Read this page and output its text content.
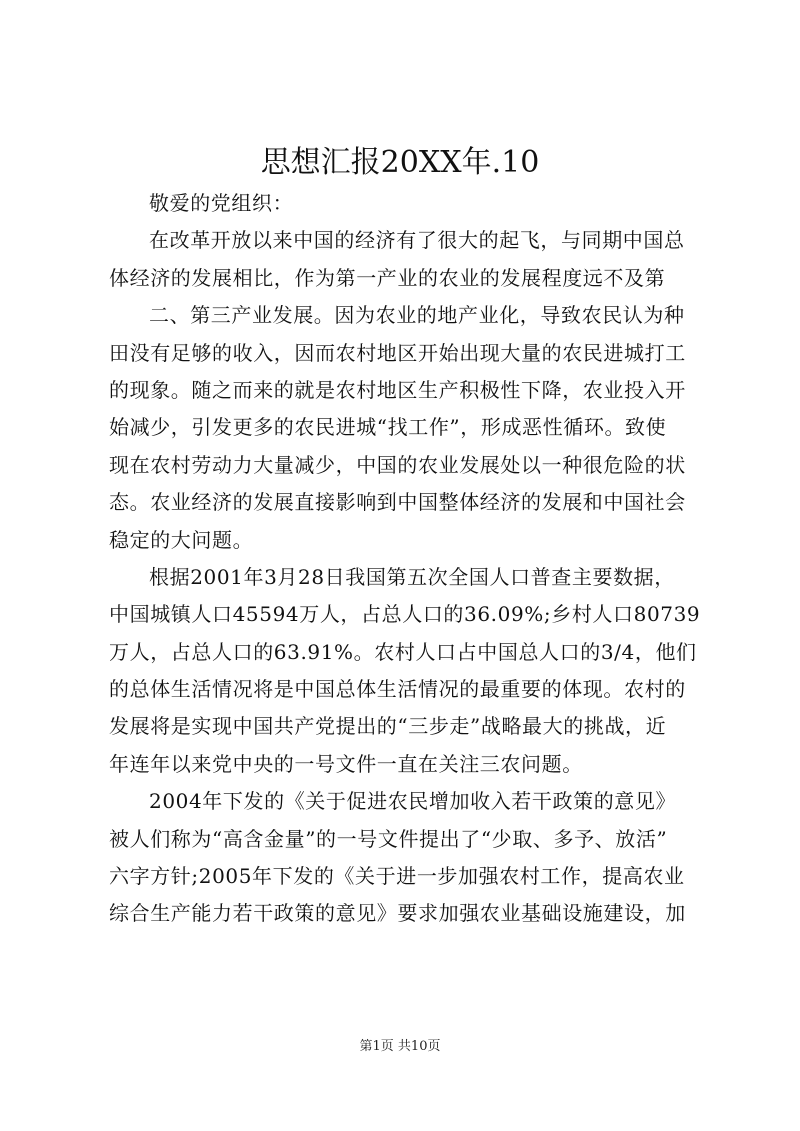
思想汇报20XX年.10
敬爱的党组织：
在改革开放以来中国的经济有了很大的起飞，与同期中国总
体经济的发展相比，作为第一产业的农业的发展程度远不及第
二、第三产业发展。因为农业的地产业化，导致农民认为种
田没有足够的收入，因而农村地区开始出现大量的农民进城打工
的现象。随之而来的就是农村地区生产积极性下降，农业投入开
始减少，引发更多的农民进城“找工作”，形成恶性循环。致使
现在农村劳动力大量减少，中国的农业发展处以一种很危险的状
态。农业经济的发展直接影响到中国整体经济的发展和中国社会
稳定的大问题。
根据2001年3月28日我国第五次全国人口普查主要数据，
中国城镇人口45594万人，占总人口的36.09%;乡村人口80739
万人，占总人口的63.91%。农村人口占中国总人口的3/4，他们
的总体生活情况将是中国总体生活情况的最重要的体现。农村的
发展将是实现中国共产党提出的“三步走”战略最大的挑战，近
年连年以来党中央的一号文件一直在关注三农问题。
2004年下发的《关于促进农民增加收入若干政策的意见》
被人们称为“高含金量”的一号文件提出了“少取、多予、放活”
六字方针;2005年下发的《关于进一步加强农村工作，提高农业
综合生产能力若干政策的意见》要求加强农业基础设施建设，加
第1页 共10页
